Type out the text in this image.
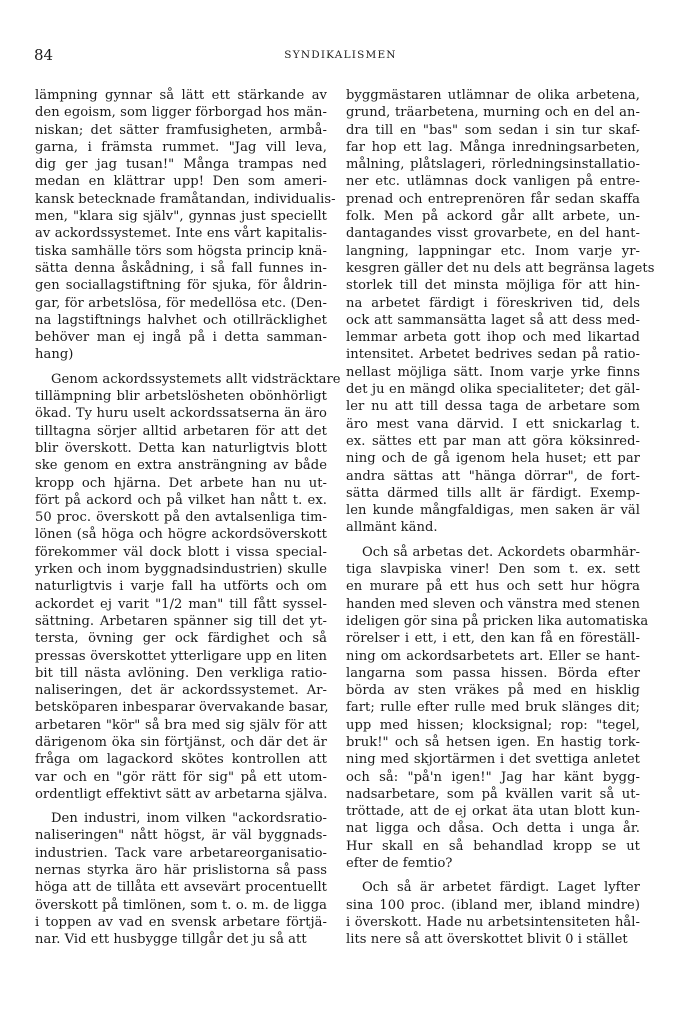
84	SYNDIKALISMEN
lämpning gynnar så lätt ett stärkande av
den egoism, som ligger förborgad hos män-
niskan; det sätter framfusigheten, armbå-
garna, i främsta rummet. "Jag vill leva,
dig ger jag tusan!" Många trampas ned
medan en klättrar upp! Den som ameri-
kansk betecknade framåtandan, individualis-
men, "klara sig själv", gynnas just speciellt
av ackordssystemet. Inte ens vårt kapitalis-
tiska samhälle törs som högsta princip knä-
sätta denna åskådning, i så fall funnes in-
gen sociallagstiftning för sjuka, för åldrin-
gar, för arbetslösa, för medellösa etc. (Den-
na lagstiftnings halvhet och otillräcklighet
behöver man ej ingå på i detta samman-
hang)
Genom ackordssystemets allt vidsträcktare
tillämpning blir arbetslösheten obönhörligt
ökad. Ty huru uselt ackordssatserna än äro
tilltagna sörjer alltid arbetaren för att det
blir överskott. Detta kan naturligtvis blott
ske genom en extra ansträngning av både
kropp och hjärna. Det arbete han nu ut-
fört på ackord och på vilket han nått t. ex.
50 proc. överskott på den avtalsenliga tim-
lönen (så höga och högre ackordsöverskott
förekommer väl dock blott i vissa special-
yrken och inom byggnadsindustrien) skulle
naturligtvis i varje fall ha utförts och om
ackordet ej varit "1/2 man" till fått syssel-
sättning. Arbetaren spänner sig till det yt-
tersta, övning ger ock färdighet och så
pressas överskottet ytterligare upp en liten
bit till nästa avlöning. Den verkliga ratio-
naliseringen, det är ackordssystemet. Ar-
betsköparen inbesparar övervakande basar,
arbetaren "kör" så bra med sig själv för att
därigenom öka sin förtjänst, och där det är
fråga om lagackord skötes kontrollen att
var och en "gör rätt för sig" på ett utom-
ordentligt effektivt sätt av arbetarna själva.
Den industri, inom vilken "ackordsratio-
naliseringen" nått högst, är väl byggnads-
industrien. Tack vare arbetareorganisatio-
nernas styrka äro här prislistorna så pass
höga att de tillåta ett avsevärt procentuellt
överskott på timlönen, som t. o. m. de ligga
i toppen av vad en svensk arbetare förtjä-
nar. Vid ett husbygge tillgår det ju så att
byggmästaren utlämnar de olika arbetena,
grund, träarbetena, murning och en del an-
dra till en "bas" som sedan i sin tur skaf-
far hop ett lag. Många inredningsarbeten,
målning, plåtslageri, rörledningsinstallatio-
ner etc. utlämnas dock vanligen på entre-
prenad och entreprenören får sedan skaffa
folk. Men på ackord går allt arbete, un-
dantagandes visst grovarbete, en del hant-
langning, lappningar etc. Inom varje yr-
kesgren gäller det nu dels att begränsa lagets
storlek till det minsta möjliga för att hin-
na arbetet färdigt i föreskriven tid, dels
ock att sammansätta laget så att dess med-
lemmar arbeta gott ihop och med likartad
intensitet. Arbetet bedrives sedan på ratio-
nellast möjliga sätt. Inom varje yrke finns
det ju en mängd olika specialiteter; det gäl-
ler nu att till dessa taga de arbetare som
äro mest vana därvid. I ett snickarlag t.
ex. sättes ett par man att göra köksinred-
ning och de gå igenom hela huset; ett par
andra sättas att "hänga dörrar", de fort-
sätta därmed tills allt är färdigt. Exemp-
len kunde mångfaldigas, men saken är väl
allmänt känd.
Och så arbetas det. Ackordets obarmhär-
tiga slavpiska viner! Den som t. ex. sett
en murare på ett hus och sett hur högra
handen med sleven och vänstra med stenen
ideligen gör sina på pricken lika automatiska
rörelser i ett, i ett, den kan få en föreställ-
ning om ackordsarbetets art. Eller se hant-
langarna som passa hissen. Börda efter
börda av sten vräkes på med en hisklig
fart; rulle efter rulle med bruk slänges dit;
upp med hissen; klocksignal; rop: "tegel,
bruk!" och så hetsen igen. En hastig tork-
ning med skjortärmen i det svettiga anletet
och så: "på'n igen!" Jag har känt bygg-
nadsarbetare, som på kvällen varit så ut-
tröttade, att de ej orkat äta utan blott kun-
nat ligga och dåsa. Och detta i unga år.
Hur skall en så behandlad kropp se ut
efter de femtio?
Och så är arbetet färdigt. Laget lyfter
sina 100 proc. (ibland mer, ibland mindre)
i överskott. Hade nu arbetsintensiteten hål-
lits nere så att överskottet blivit 0 i stället
